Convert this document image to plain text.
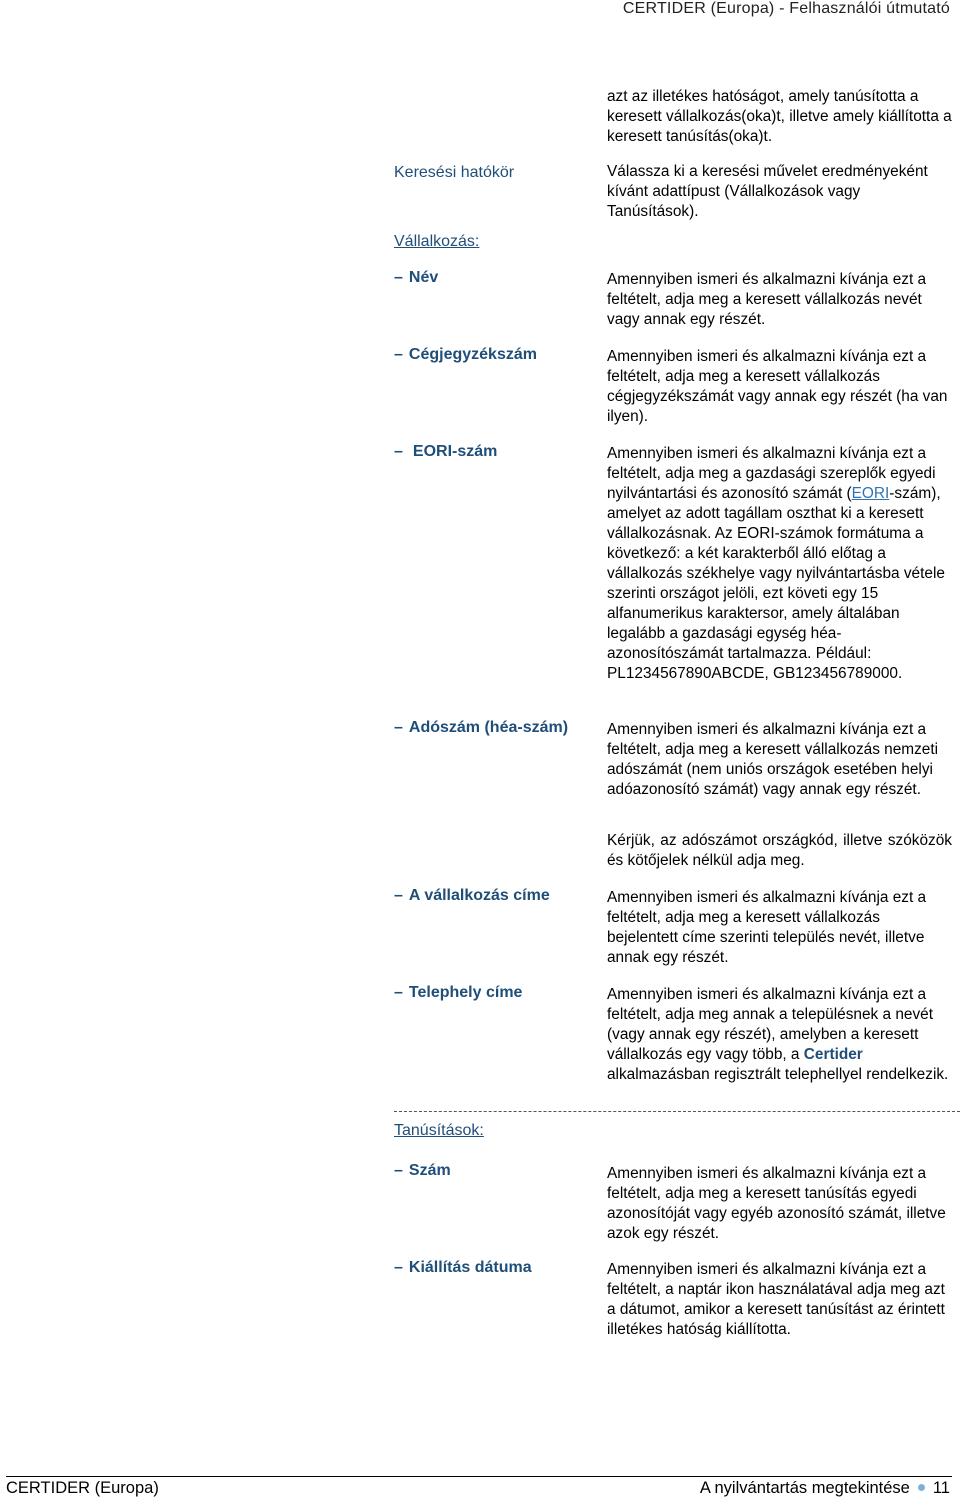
CERTIDER (Europa) - Felhasználói útmutató
azt az illetékes hatóságot, amely tanúsította a keresett vállalkozás(oka)t, illetve amely kiállította a keresett tanúsítás(oka)t.
Keresési hatókör	Válassza ki a keresési művelet eredményeként kívánt adattípust (Vállalkozások vagy Tanúsítások).
Vállalkozás:
– Név	Amennyiben ismeri és alkalmazni kívánja ezt a feltételt, adja meg a keresett vállalkozás nevét vagy annak egy részét.
– Cégjegyzékszám	Amennyiben ismeri és alkalmazni kívánja ezt a feltételt, adja meg a keresett vállalkozás cégjegyzékszámát vagy annak egy részét (ha van ilyen).
– EORI-szám	Amennyiben ismeri és alkalmazni kívánja ezt a feltételt, adja meg a gazdasági szereplők egyedi nyilvántartási és azonosító számát (EORI-szám), amelyet az adott tagállam oszthat ki a keresett vállalkozásnak. Az EORI-számok formátuma a következő: a két karakterből álló előtag a vállalkozás székhelye vagy nyilvántartásba vétele szerinti országot jelöli, ezt követi egy 15 alfanumerikus karaktersor, amely általában legalább a gazdasági egység héa-azonosítószámát tartalmazza. Például: PL1234567890ABCDE, GB123456789000.
– Adószám (héa-szám)	Amennyiben ismeri és alkalmazni kívánja ezt a feltételt, adja meg a keresett vállalkozás nemzeti adószámát (nem uniós országok esetében helyi adóazonosító számát) vagy annak egy részét.
Kérjük, az adószámot országkód, illetve szóközök és kötőjelek nélkül adja meg.
– A vállalkozás címe	Amennyiben ismeri és alkalmazni kívánja ezt a feltételt, adja meg a keresett vállalkozás bejelentett címe szerinti település nevét, illetve annak egy részét.
– Telephely címe	Amennyiben ismeri és alkalmazni kívánja ezt a feltételt, adja meg annak a településnek a nevét (vagy annak egy részét), amelyben a keresett vállalkozás egy vagy több, a Certider alkalmazásban regisztrált telephellyel rendelkezik.
Tanúsítások:
– Szám	Amennyiben ismeri és alkalmazni kívánja ezt a feltételt, adja meg a keresett tanúsítás egyedi azonosítóját vagy egyéb azonosító számát, illetve azok egy részét.
– Kiállítás dátuma	Amennyiben ismeri és alkalmazni kívánja ezt a feltételt, a naptár ikon használatával adja meg azt a dátumot, amikor a keresett tanúsítást az érintett illetékes hatóság kiállította.
CERTIDER (Europa)	A nyilvántartás megtekintése 11
